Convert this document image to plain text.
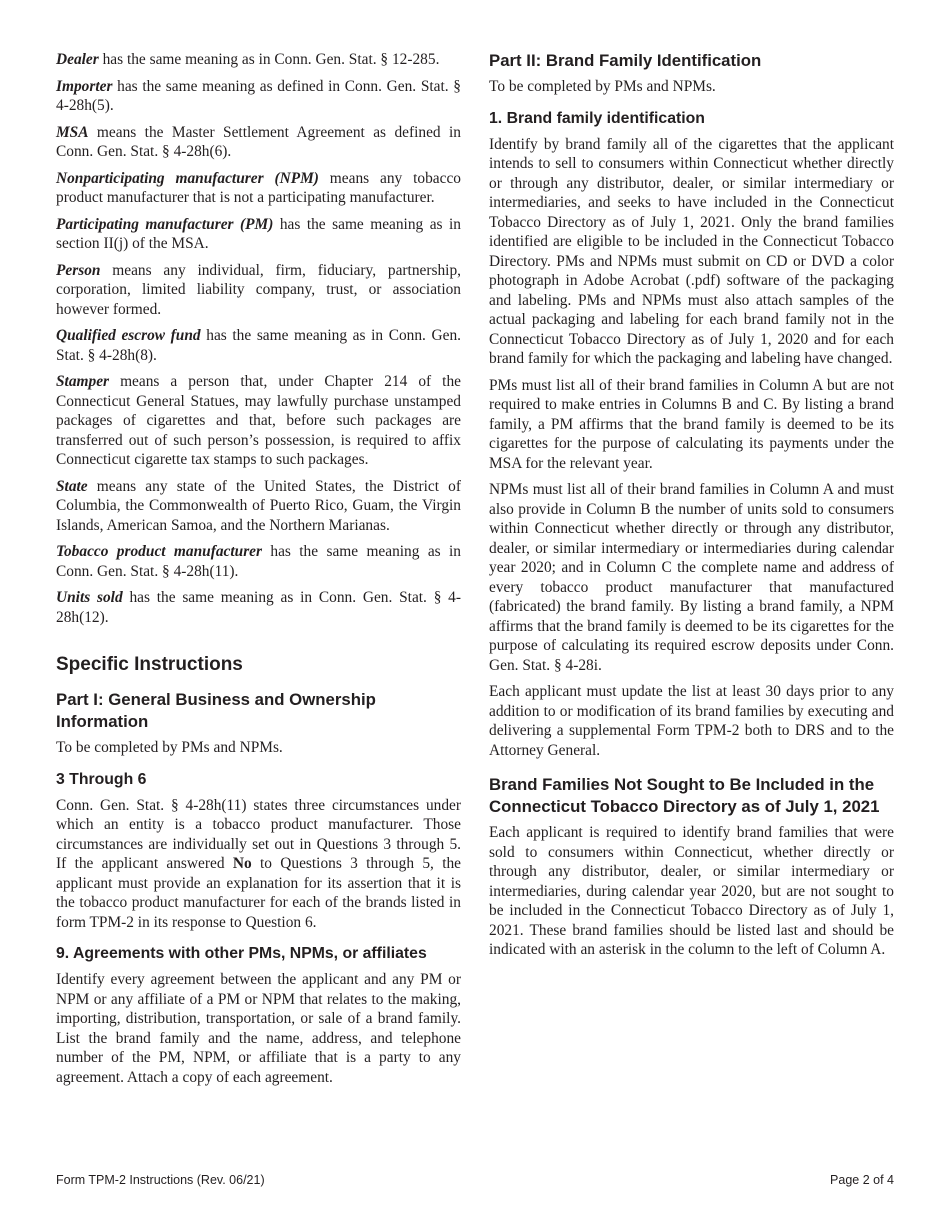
Dealer has the same meaning as in Conn. Gen. Stat. § 12-285.

Importer has the same meaning as defined in Conn. Gen. Stat. § 4-28h(5).

MSA means the Master Settlement Agreement as defined in Conn. Gen. Stat. § 4-28h(6).

Nonparticipating manufacturer (NPM) means any tobacco product manufacturer that is not a participating manufacturer.

Participating manufacturer (PM) has the same meaning as in section II(j) of the MSA.

Person means any individual, firm, fiduciary, partnership, corporation, limited liability company, trust, or association however formed.

Qualified escrow fund has the same meaning as in Conn. Gen. Stat. § 4-28h(8).

Stamper means a person that, under Chapter 214 of the Connecticut General Statues, may lawfully purchase unstamped packages of cigarettes and that, before such packages are transferred out of such person’s possession, is required to affix Connecticut cigarette tax stamps to such packages.

State means any state of the United States, the District of Columbia, the Commonwealth of Puerto Rico, Guam, the Virgin Islands, American Samoa, and the Northern Marianas.

Tobacco product manufacturer has the same meaning as in Conn. Gen. Stat. § 4-28h(11).

Units sold has the same meaning as in Conn. Gen. Stat. § 4-28h(12).

Specific Instructions
Part I: General Business and Ownership Information

To be completed by PMs and NPMs.

3 Through 6

Conn. Gen. Stat. § 4-28h(11) states three circumstances under which an entity is a tobacco product manufacturer. Those circumstances are individually set out in Questions 3 through 5. If the applicant answered No to Questions 3 through 5, the applicant must provide an explanation for its assertion that it is the tobacco product manufacturer for each of the brands listed in form TPM-2 in its response to Question 6.

9. Agreements with other PMs, NPMs, or affiliates

Identify every agreement between the applicant and any PM or NPM or any affiliate of a PM or NPM that relates to the making, importing, distribution, transportation, or sale of a brand family. List the brand family and the name, address, and telephone number of the PM, NPM, or affiliate that is a party to any agreement. Attach a copy of each agreement.

Part II: Brand Family Identification

To be completed by PMs and NPMs.

1. Brand family identification

Identify by brand family all of the cigarettes that the applicant intends to sell to consumers within Connecticut whether directly or through any distributor, dealer, or similar intermediary or intermediaries, and seeks to have included in the Connecticut Tobacco Directory as of July 1, 2021. Only the brand families identified are eligible to be included in the Connecticut Tobacco Directory. PMs and NPMs must submit on CD or DVD a color photograph in Adobe Acrobat (.pdf) software of the packaging and labeling. PMs and NPMs must also attach samples of the actual packaging and labeling for each brand family not in the Connecticut Tobacco Directory as of July 1, 2020 and for each brand family for which the packaging and labeling have changed.

PMs must list all of their brand families in Column A but are not required to make entries in Columns B and C. By listing a brand family, a PM affirms that the brand family is deemed to be its cigarettes for the purpose of calculating its payments under the MSA for the relevant year.

NPMs must list all of their brand families in Column A and must also provide in Column B the number of units sold to consumers within Connecticut whether directly or through any distributor, dealer, or similar intermediary or intermediaries during calendar year 2020; and in Column C the complete name and address of every tobacco product manufacturer that manufactured (fabricated) the brand family. By listing a brand family, a NPM affirms that the brand family is deemed to be its cigarettes for the purpose of calculating its required escrow deposits under Conn. Gen. Stat. § 4-28i.

Each applicant must update the list at least 30 days prior to any addition to or modification of its brand families by executing and delivering a supplemental Form TPM-2 both to DRS and to the Attorney General.

Brand Families Not Sought to Be Included in the Connecticut Tobacco Directory as of July 1, 2021

Each applicant is required to identify brand families that were sold to consumers within Connecticut, whether directly or through any distributor, dealer, or similar intermediary or intermediaries, during calendar year 2020, but are not sought to be included in the Connecticut Tobacco Directory as of July 1, 2021. These brand families should be listed last and should be indicated with an asterisk in the column to the left of Column A.

Form TPM-2 Instructions (Rev. 06/21)	Page 2 of 4
